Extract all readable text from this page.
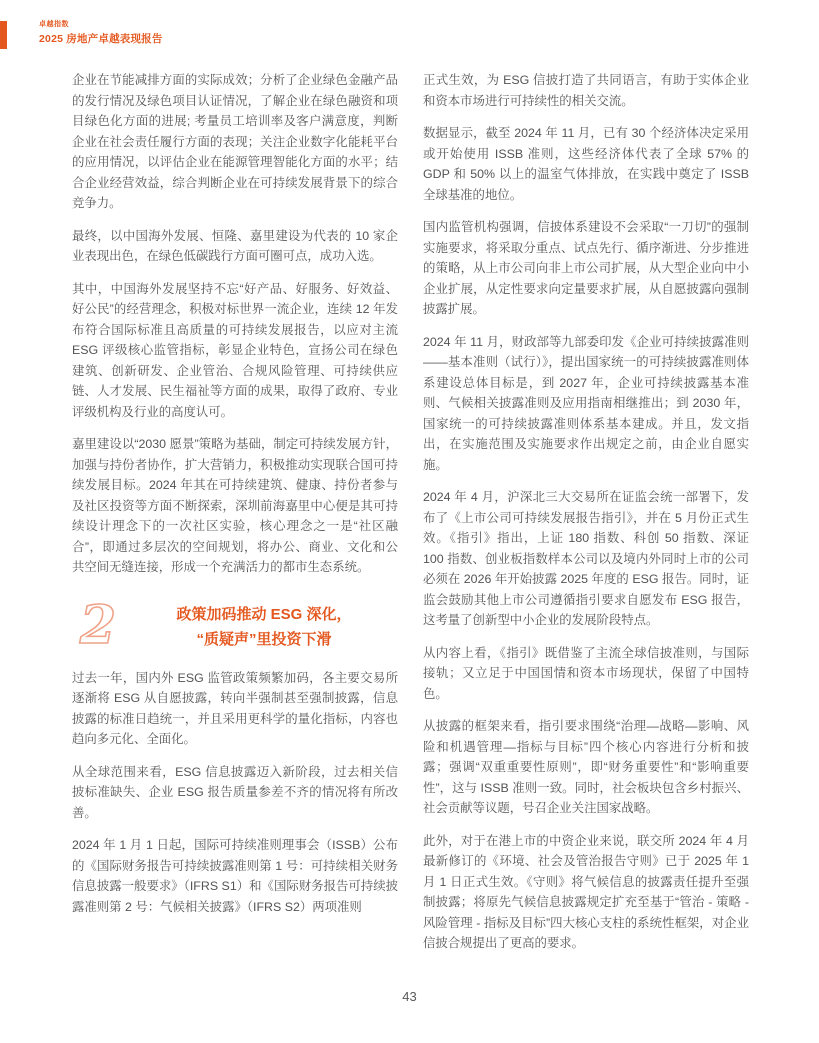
卓越指数
2025 房地产卓越表现报告

企业在节能减排方面的实际成效；分析了企业绿色金融产品的发行情况及绿色项目认证情况，了解企业在绿色融资和项目绿色化方面的进展; 考量员工培训率及客户满意度，判断企业在社会责任履行方面的表现；关注企业数字化能耗平台的应用情况，以评估企业在能源管理智能化方面的水平；结合企业经营效益，综合判断企业在可持续发展背景下的综合竞争力。

最终，以中国海外发展、恒隆、嘉里建设为代表的 10 家企业表现出色，在绿色低碳践行方面可圈可点，成功入选。

其中，中国海外发展坚持不忘“好产品、好服务、好效益、好公民”的经营理念，积极对标世界一流企业，连续 12 年发布符合国际标准且高质量的可持续发展报告，以应对主流 ESG 评级核心监管指标，彰显企业特色，宣扬公司在绿色建筑、创新研发、企业管治、合规风险管理、可持续供应链、人才发展、民生福祉等方面的成果，取得了政府、专业评级机构及行业的高度认可。

嘉里建设以“2030 愿景”策略为基础，制定可持续发展方针，加强与持份者协作，扩大营销力，积极推动实现联合国可持续发展目标。2024 年其在可持续建筑、健康、持份者参与及社区投资等方面不断探索，深圳前海嘉里中心便是其可持续设计理念下的一次社区实验，核心理念之一是“社区融合”，即通过多层次的空间规划，将办公、商业、文化和公共空间无缝连接，形成一个充满活力的都市生态系统。

2	政策加码推动 ESG 深化，
“质疑声”里投资下滑

过去一年，国内外 ESG 监管政策频繁加码，各主要交易所逐渐将 ESG 从自愿披露，转向半强制甚至强制披露，信息披露的标准日趋统一，并且采用更科学的量化指标，内容也趋向多元化、全面化。

从全球范围来看，ESG 信息披露迈入新阶段，过去相关信披标准缺失、企业 ESG 报告质量参差不齐的情况将有所改善。

2024 年 1 月 1 日起，国际可持续准则理事会（ISSB）公布的《国际财务报告可持续披露准则第 1 号：可持续相关财务信息披露一般要求》（IFRS S1）和《国际财务报告可持续披露准则第 2 号：气候相关披露》（IFRS S2）两项准则

正式生效，为 ESG 信披打造了共同语言，有助于实体企业和资本市场进行可持续性的相关交流。

数据显示，截至 2024 年 11 月，已有 30 个经济体决定采用或开始使用 ISSB 准则，这些经济体代表了全球 57% 的 GDP 和 50% 以上的温室气体排放，在实践中奠定了 ISSB 全球基准的地位。

国内监管机构强调，信披体系建设不会采取“一刀切”的强制实施要求，将采取分重点、试点先行、循序渐进、分步推进的策略，从上市公司向非上市公司扩展，从大型企业向中小企业扩展，从定性要求向定量要求扩展，从自愿披露向强制披露扩展。

2024 年 11 月，财政部等九部委印发《企业可持续披露准则——基本准则（试行）》，提出国家统一的可持续披露准则体系建设总体目标是，到 2027 年，企业可持续披露基本准则、气候相关披露准则及应用指南相继推出；到 2030 年，国家统一的可持续披露准则体系基本建成。并且，发文指出，在实施范围及实施要求作出规定之前，由企业自愿实施。

2024 年 4 月，沪深北三大交易所在证监会统一部署下，发布了《上市公司可持续发展报告指引》，并在 5 月份正式生效。《指引》指出，上证 180 指数、科创 50 指数、深证 100 指数、创业板指数样本公司以及境内外同时上市的公司必须在 2026 年开始披露 2025 年度的 ESG 报告。同时，证监会鼓励其他上市公司遵循指引要求自愿发布 ESG 报告，这考量了创新型中小企业的发展阶段特点。

从内容上看，《指引》既借鉴了主流全球信披准则，与国际接轨；又立足于中国国情和资本市场现状，保留了中国特色。

从披露的框架来看，指引要求围绕“治理—战略—影响、风险和机遇管理—指标与目标”四个核心内容进行分析和披露；强调“双重重要性原则”，即“财务重要性”和“影响重要性”，这与 ISSB 准则一致。同时，社会板块包含乡村振兴、社会贡献等议题，号召企业关注国家战略。

此外，对于在港上市的中资企业来说，联交所 2024 年 4 月最新修订的《环境、社会及管治报告守则》已于 2025 年 1 月 1 日正式生效。《守则》将气候信息的披露责任提升至强制披露；将原先气候信息披露规定扩充至基于“管治 - 策略 - 风险管理 - 指标及目标”四大核心支柱的系统性框架，对企业信披合规提出了更高的要求。

43
